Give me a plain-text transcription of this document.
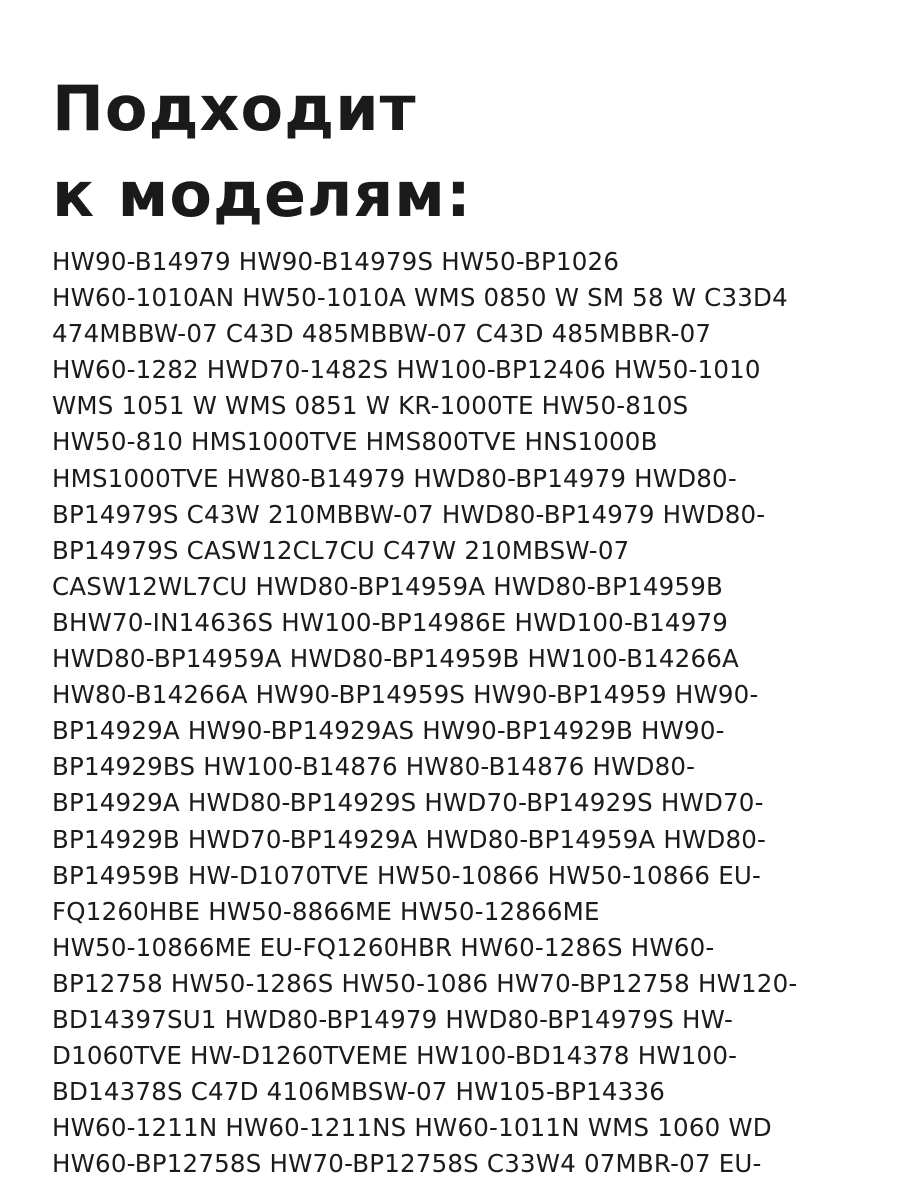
Подходит
к моделям:
HW90-B14979 HW90-B14979S HW50-BP1026
HW60-1010AN HW50-1010A WMS 0850 W SM 58 W C33D4
474MBBW-07 C43D 485MBBW-07 C43D 485MBBR-07
HW60-1282 HWD70-1482S HW100-BP12406 HW50-1010
WMS 1051 W WMS 0851 W KR-1000TE HW50-810S
HW50-810 HMS1000TVE HMS800TVE HNS1000B
HMS1000TVE HW80-B14979 HWD80-BP14979 HWD80-
BP14979S C43W 210MBBW-07 HWD80-BP14979 HWD80-
BP14979S CASW12CL7CU C47W 210MBSW-07
CASW12WL7CU HWD80-BP14959A HWD80-BP14959B
BHW70-IN14636S HW100-BP14986E HWD100-B14979
HWD80-BP14959A HWD80-BP14959B HW100-B14266A
HW80-B14266A HW90-BP14959S HW90-BP14959 HW90-
BP14929A HW90-BP14929AS HW90-BP14929B HW90-
BP14929BS HW100-B14876 HW80-B14876 HWD80-
BP14929A HWD80-BP14929S HWD70-BP14929S HWD70-
BP14929B HWD70-BP14929A HWD80-BP14959A HWD80-
BP14959B HW-D1070TVE HW50-10866 HW50-10866 EU-
FQ1260HBE HW50-8866ME HW50-12866ME
HW50-10866ME EU-FQ1260HBR HW60-1286S HW60-
BP12758 HW50-1286S HW50-1086 HW70-BP12758 HW120-
BD14397SU1 HWD80-BP14979 HWD80-BP14979S HW-
D1060TVE HW-D1260TVEME HW100-BD14378 HW100-
BD14378S C47D 4106MBSW-07 HW105-BP14336
HW60-1211N HW60-1211NS HW60-1011N WMS 1060 WD
HW60-BP12758S HW70-BP12758S C33W4 07MBR-07 EU-
